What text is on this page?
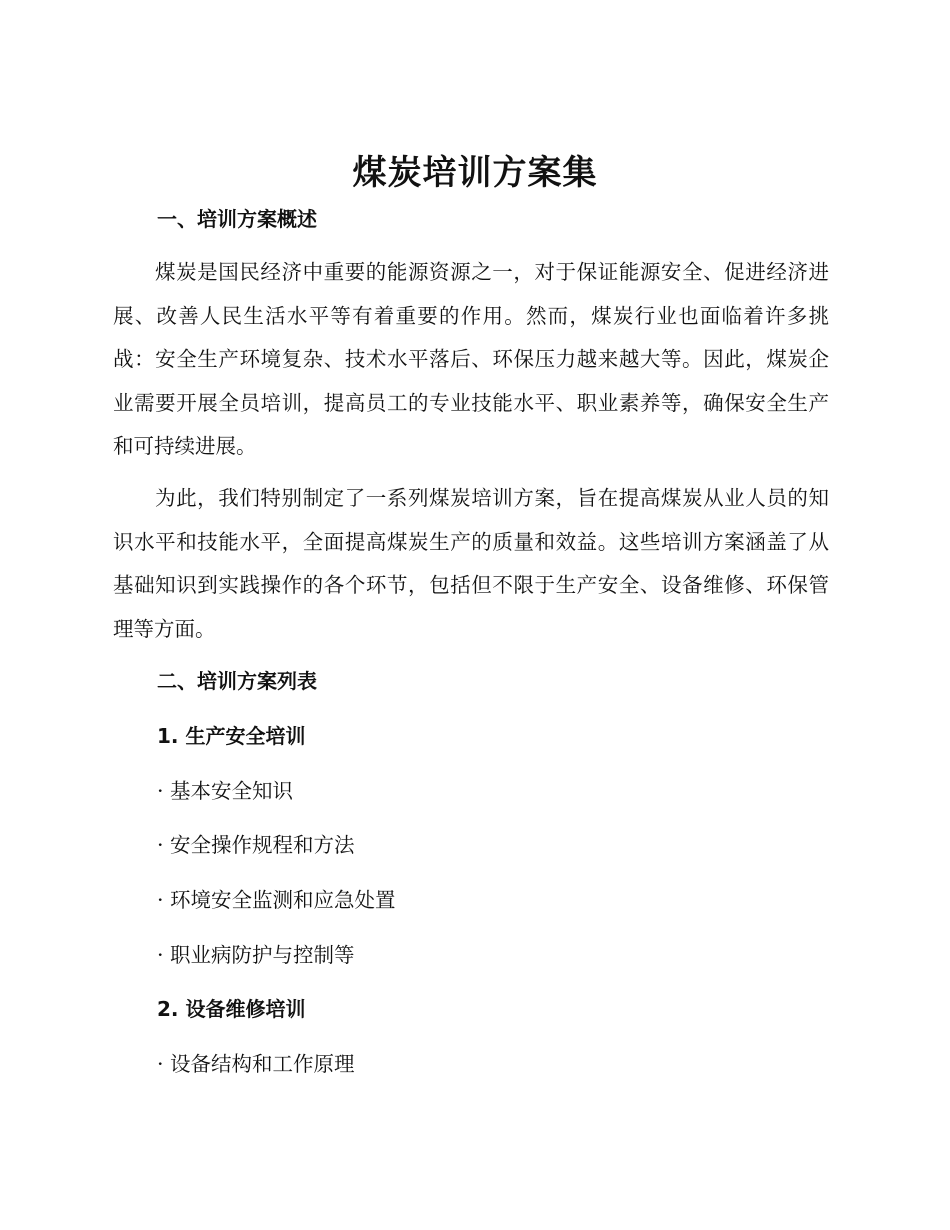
煤炭培训方案集
一、培训方案概述

煤炭是国民经济中重要的能源资源之一，对于保证能源安全、促进经济进展、改善人民生活水平等有着重要的作用。然而，煤炭行业也面临着许多挑战：安全生产环境复杂、技术水平落后、环保压力越来越大等。因此，煤炭企业需要开展全员培训，提高员工的专业技能水平、职业素养等，确保安全生产和可持续进展。

为此，我们特别制定了一系列煤炭培训方案，旨在提高煤炭从业人员的知识水平和技能水平，全面提高煤炭生产的质量和效益。这些培训方案涵盖了从基础知识到实践操作的各个环节，包括但不限于生产安全、设备维修、环保管理等方面。

二、培训方案列表
1. 生产安全培训

· 基本安全知识

· 安全操作规程和方法

· 环境安全监测和应急处置

· 职业病防护与控制等

2. 设备维修培训

· 设备结构和工作原理
